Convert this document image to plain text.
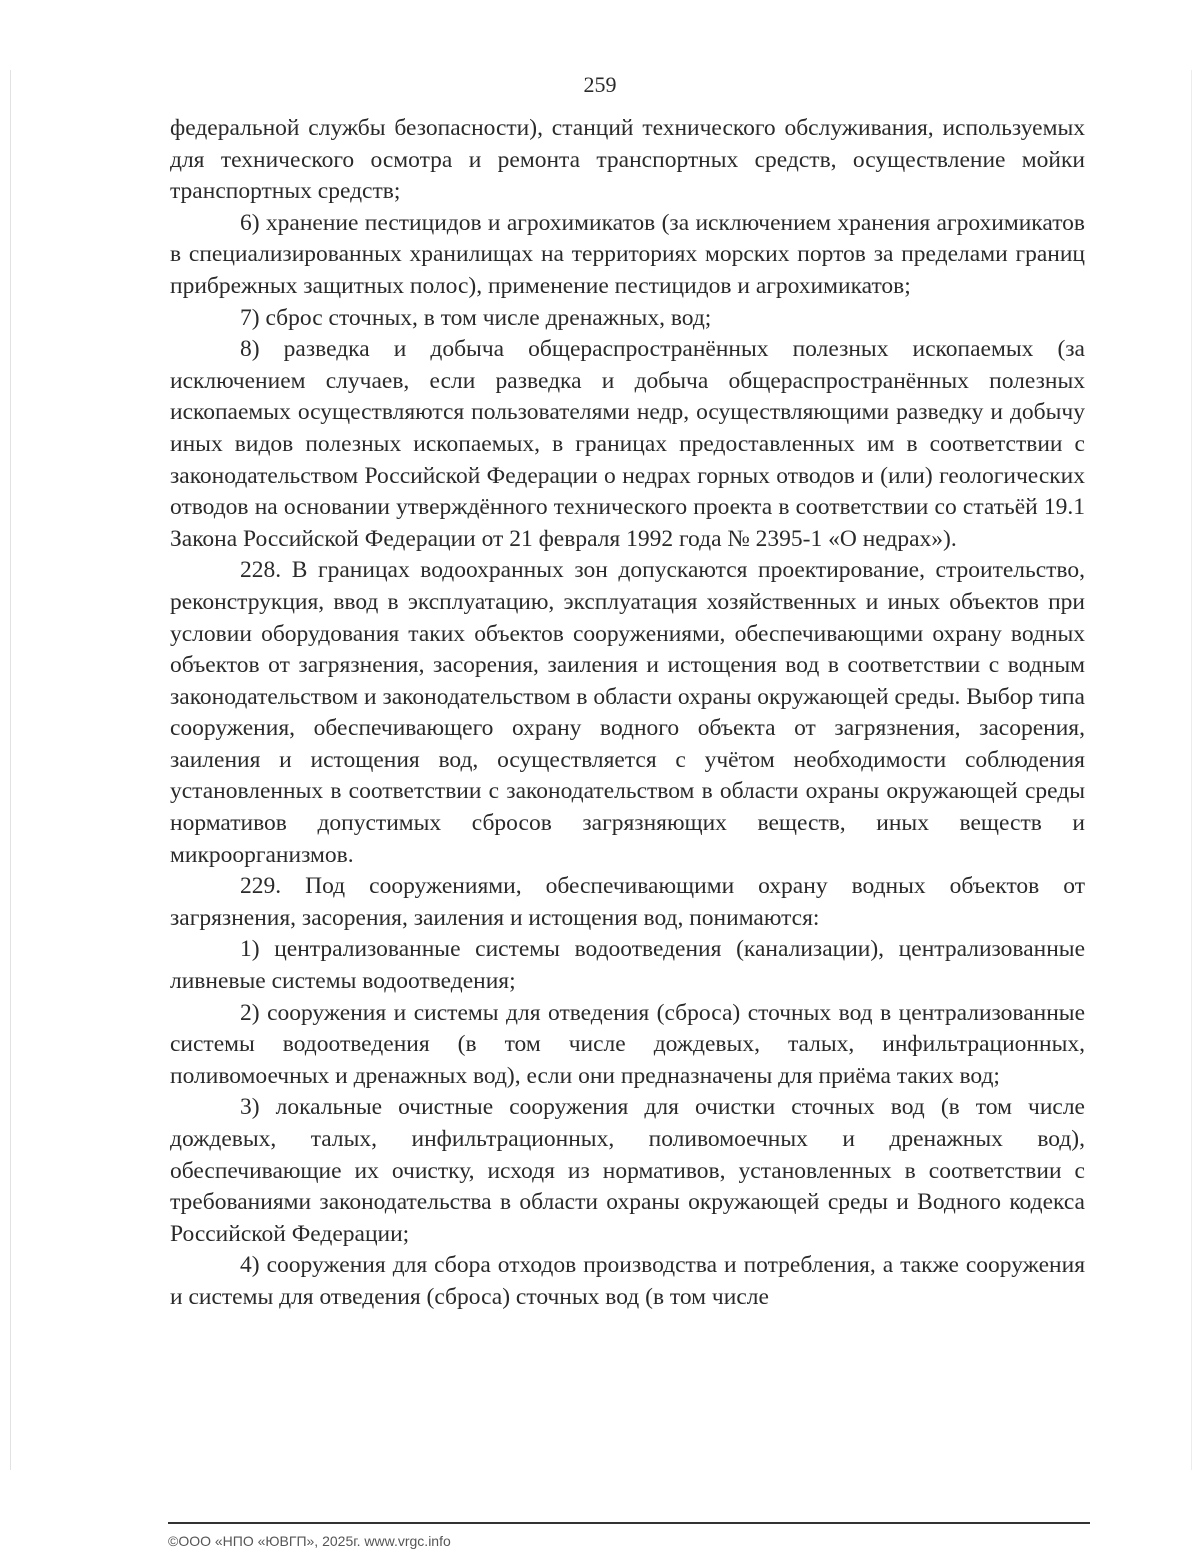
259

федеральной службы безопасности), станций технического обслуживания, используемых для технического осмотра и ремонта транспортных средств, осуществление мойки транспортных средств;

6) хранение пестицидов и агрохимикатов (за исключением хранения агрохимикатов в специализированных хранилищах на территориях морских портов за пределами границ прибрежных защитных полос), применение пестицидов и агрохимикатов;

7) сброс сточных, в том числе дренажных, вод;

8) разведка и добыча общераспространённых полезных ископаемых (за исключением случаев, если разведка и добыча общераспространённых полезных ископаемых осуществляются пользователями недр, осуществляющими разведку и добычу иных видов полезных ископаемых, в границах предоставленных им в соответствии с законодательством Российской Федерации о недрах горных отводов и (или) геологических отводов на основании утверждённого технического проекта в соответствии со статьёй 19.1 Закона Российской Федерации от 21 февраля 1992 года № 2395-1 «О недрах»).

228. В границах водоохранных зон допускаются проектирование, строительство, реконструкция, ввод в эксплуатацию, эксплуатация хозяйственных и иных объектов при условии оборудования таких объектов сооружениями, обеспечивающими охрану водных объектов от загрязнения, засорения, заиления и истощения вод в соответствии с водным законодательством и законодательством в области охраны окружающей среды. Выбор типа сооружения, обеспечивающего охрану водного объекта от загрязнения, засорения, заиления и истощения вод, осуществляется с учётом необходимости соблюдения установленных в соответствии с законодательством в области охраны окружающей среды нормативов допустимых сбросов загрязняющих веществ, иных веществ и микроорганизмов.

229. Под сооружениями, обеспечивающими охрану водных объектов от загрязнения, засорения, заиления и истощения вод, понимаются:

1) централизованные системы водоотведения (канализации), централизованные ливневые системы водоотведения;

2) сооружения и системы для отведения (сброса) сточных вод в централизованные системы водоотведения (в том числе дождевых, талых, инфильтрационных, поливомоечных и дренажных вод), если они предназначены для приёма таких вод;

3) локальные очистные сооружения для очистки сточных вод (в том числе дождевых, талых, инфильтрационных, поливомоечных и дренажных вод), обеспечивающие их очистку, исходя из нормативов, установленных в соответствии с требованиями законодательства в области охраны окружающей среды и Водного кодекса Российской Федерации;

4) сооружения для сбора отходов производства и потребления, а также сооружения и системы для отведения (сброса) сточных вод (в том числе

©ООО «НПО «ЮВГП», 2025г. www.vrgc.info
